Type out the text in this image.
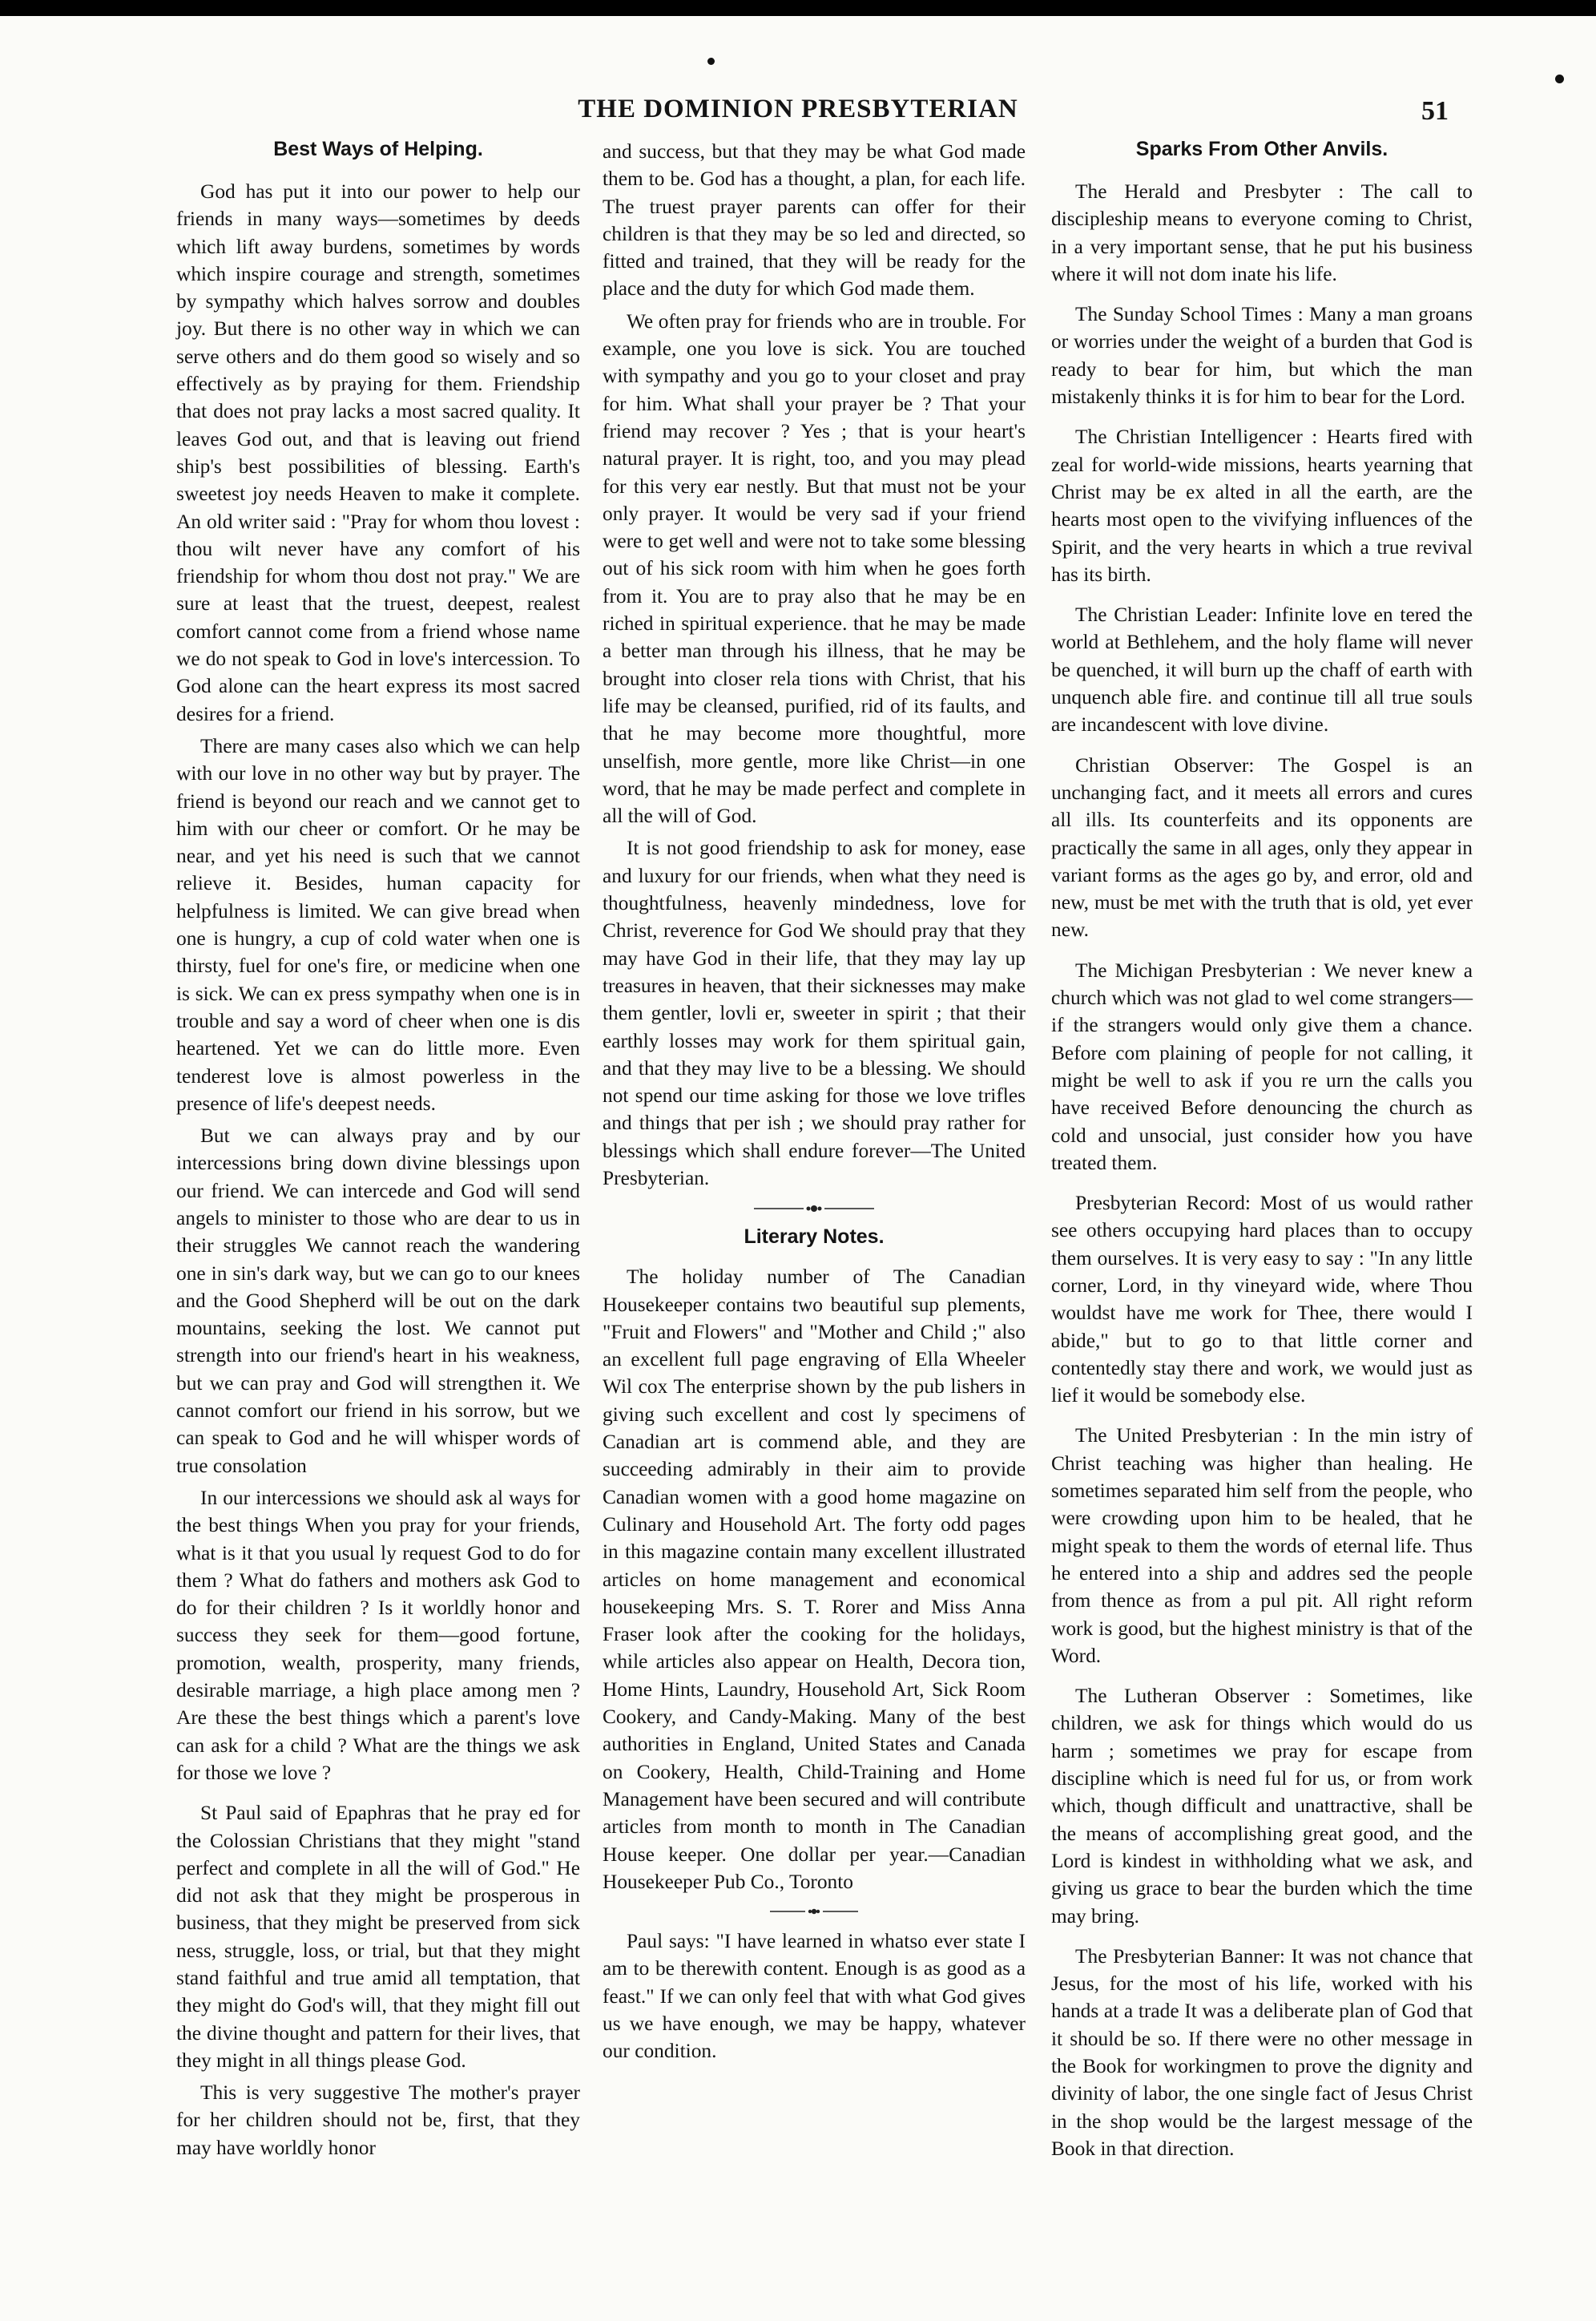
THE DOMINION PRESBYTERIAN	51
Best Ways of Helping.

God has put it into our power to help our friends in many ways—sometimes by deeds which lift away burdens, sometimes by words which inspire courage and strength, sometimes by sympathy which halves sorrow and doubles joy. But there is no other way in which we can serve others and do them good so wisely and so effectively as by praying for them. Friendship that does not pray lacks a most sacred quality. It leaves God out, and that is leaving out friend ship's best possibilities of blessing. Earth's sweetest joy needs Heaven to make it complete. An old writer said : "Pray for whom thou lovest : thou wilt never have any comfort of his friendship for whom thou dost not pray." We are sure at least that the truest, deepest, realest comfort cannot come from a friend whose name we do not speak to God in love's intercession. To God alone can the heart express its most sacred desires for a friend.

There are many cases also which we can help with our love in no other way but by prayer. The friend is beyond our reach and we cannot get to him with our cheer or comfort. Or he may be near, and yet his need is such that we cannot relieve it. Besides, human capacity for helpfulness is limited. We can give bread when one is hungry, a cup of cold water when one is thirsty, fuel for one's fire, or medicine when one is sick. We can ex press sympathy when one is in trouble and say a word of cheer when one is dis heartened. Yet we can do little more. Even tenderest love is almost powerless in the presence of life's deepest needs.

But we can always pray and by our intercessions bring down divine blessings upon our friend. We can intercede and God will send angels to minister to those who are dear to us in their struggles We cannot reach the wandering one in sin's dark way, but we can go to our knees and the Good Shepherd will be out on the dark mountains, seeking the lost. We cannot put strength into our friend's heart in his weakness, but we can pray and God will strengthen it. We cannot comfort our friend in his sorrow, but we can speak to God and he will whisper words of true consolation

In our intercessions we should ask al ways for the best things When you pray for your friends, what is it that you usual ly request God to do for them ? What do fathers and mothers ask God to do for their children ? Is it worldly honor and success they seek for them—good fortune, promotion, wealth, prosperity, many friends, desirable marriage, a high place among men ? Are these the best things which a parent's love can ask for a child ? What are the things we ask for those we love ?

St Paul said of Epaphras that he pray ed for the Colossian Christians that they might "stand perfect and complete in all the will of God." He did not ask that they might be prosperous in business, that they might be preserved from sick ness, struggle, loss, or trial, but that they might stand faithful and true amid all temptation, that they might do God's will, that they might fill out the divine thought and pattern for their lives, that they might in all things please God.

This is very suggestive The mother's prayer for her children should not be, first, that they may have worldly honor

and success, but that they may be what God made them to be. God has a thought, a plan, for each life. The truest prayer parents can offer for their children is that they may be so led and directed, so fitted and trained, that they will be ready for the place and the duty for which God made them.

We often pray for friends who are in trouble. For example, one you love is sick. You are touched with sympathy and you go to your closet and pray for him. What shall your prayer be ? That your friend may recover ? Yes ; that is your heart's natural prayer. It is right, too, and you may plead for this very ear nestly. But that must not be your only prayer. It would be very sad if your friend were to get well and were not to take some blessing out of his sick room with him when he goes forth from it. You are to pray also that he may be en riched in spiritual experience. that he may be made a better man through his illness, that he may be brought into closer rela tions with Christ, that his life may be cleansed, purified, rid of its faults, and that he may become more thoughtful, more unselfish, more gentle, more like Christ—in one word, that he may be made perfect and complete in all the will of God.

It is not good friendship to ask for money, ease and luxury for our friends, when what they need is thoughtfulness, heavenly mindedness, love for Christ, reverence for God We should pray that they may have God in their life, that they may lay up treasures in heaven, that their sicknesses may make them gentler, lovli er, sweeter in spirit ; that their earthly losses may work for them spiritual gain, and that they may live to be a blessing. We should not spend our time asking for those we love trifles and things that per ish ; we should pray rather for blessings which shall endure forever—The United Presbyterian.

Literary Notes.

The holiday number of The Canadian Housekeeper contains two beautiful sup plements, "Fruit and Flowers" and "Mother and Child ;" also an excellent full page engraving of Ella Wheeler Wil cox The enterprise shown by the pub lishers in giving such excellent and cost ly specimens of Canadian art is commend able, and they are succeeding admirably in their aim to provide Canadian women with a good home magazine on Culinary and Household Art. The forty odd pages in this magazine contain many excellent illustrated articles on home management and economical housekeeping Mrs. S. T. Rorer and Miss Anna Fraser look after the cooking for the holidays, while articles also appear on Health, Decora tion, Home Hints, Laundry, Household Art, Sick Room Cookery, and Candy-Making. Many of the best authorities in England, United States and Canada on Cookery, Health, Child-Training and Home Management have been secured and will contribute articles from month to month in The Canadian House keeper. One dollar per year.—Canadian Housekeeper Pub Co., Toronto

Paul says: "I have learned in whatso ever state I am to be therewith content. Enough is as good as a feast." If we can only feel that with what God gives us we have enough, we may be happy, whatever our condition.

Sparks From Other Anvils.

The Herald and Presbyter : The call to discipleship means to everyone coming to Christ, in a very important sense, that he put his business where it will not dom inate his life.

The Sunday School Times : Many a man groans or worries under the weight of a burden that God is ready to bear for him, but which the man mistakenly thinks it is for him to bear for the Lord.

The Christian Intelligencer : Hearts fired with zeal for world-wide missions, hearts yearning that Christ may be ex alted in all the earth, are the hearts most open to the vivifying influences of the Spirit, and the very hearts in which a true revival has its birth.

The Christian Leader: Infinite love en tered the world at Bethlehem, and the holy flame will never be quenched, it will burn up the chaff of earth with unquench able fire. and continue till all true souls are incandescent with love divine.

Christian Observer: The Gospel is an unchanging fact, and it meets all errors and cures all ills. Its counterfeits and its opponents are practically the same in all ages, only they appear in variant forms as the ages go by, and error, old and new, must be met with the truth that is old, yet ever new.

The Michigan Presbyterian : We never knew a church which was not glad to wel come strangers—if the strangers would only give them a chance. Before com plaining of people for not calling, it might be well to ask if you re urn the calls you have received Before denouncing the church as cold and unsocial, just consider how you have treated them.

Presbyterian Record: Most of us would rather see others occupying hard places than to occupy them ourselves. It is very easy to say : "In any little corner, Lord, in thy vineyard wide, where Thou wouldst have me work for Thee, there would I abide," but to go to that little corner and contentedly stay there and work, we would just as lief it would be somebody else.

The United Presbyterian : In the min istry of Christ teaching was higher than healing. He sometimes separated him self from the people, who were crowding upon him to be healed, that he might speak to them the words of eternal life. Thus he entered into a ship and addres sed the people from thence as from a pul pit. All right reform work is good, but the highest ministry is that of the Word.

The Lutheran Observer : Sometimes, like children, we ask for things which would do us harm ; sometimes we pray for escape from discipline which is need ful for us, or from work which, though difficult and unattractive, shall be the means of accomplishing great good, and the Lord is kindest in withholding what we ask, and giving us grace to bear the burden which the time may bring.

The Presbyterian Banner: It was not chance that Jesus, for the most of his life, worked with his hands at a trade It was a deliberate plan of God that it should be so. If there were no other message in the Book for workingmen to prove the dignity and divinity of labor, the one single fact of Jesus Christ in the shop would be the largest message of the Book in that direction.
